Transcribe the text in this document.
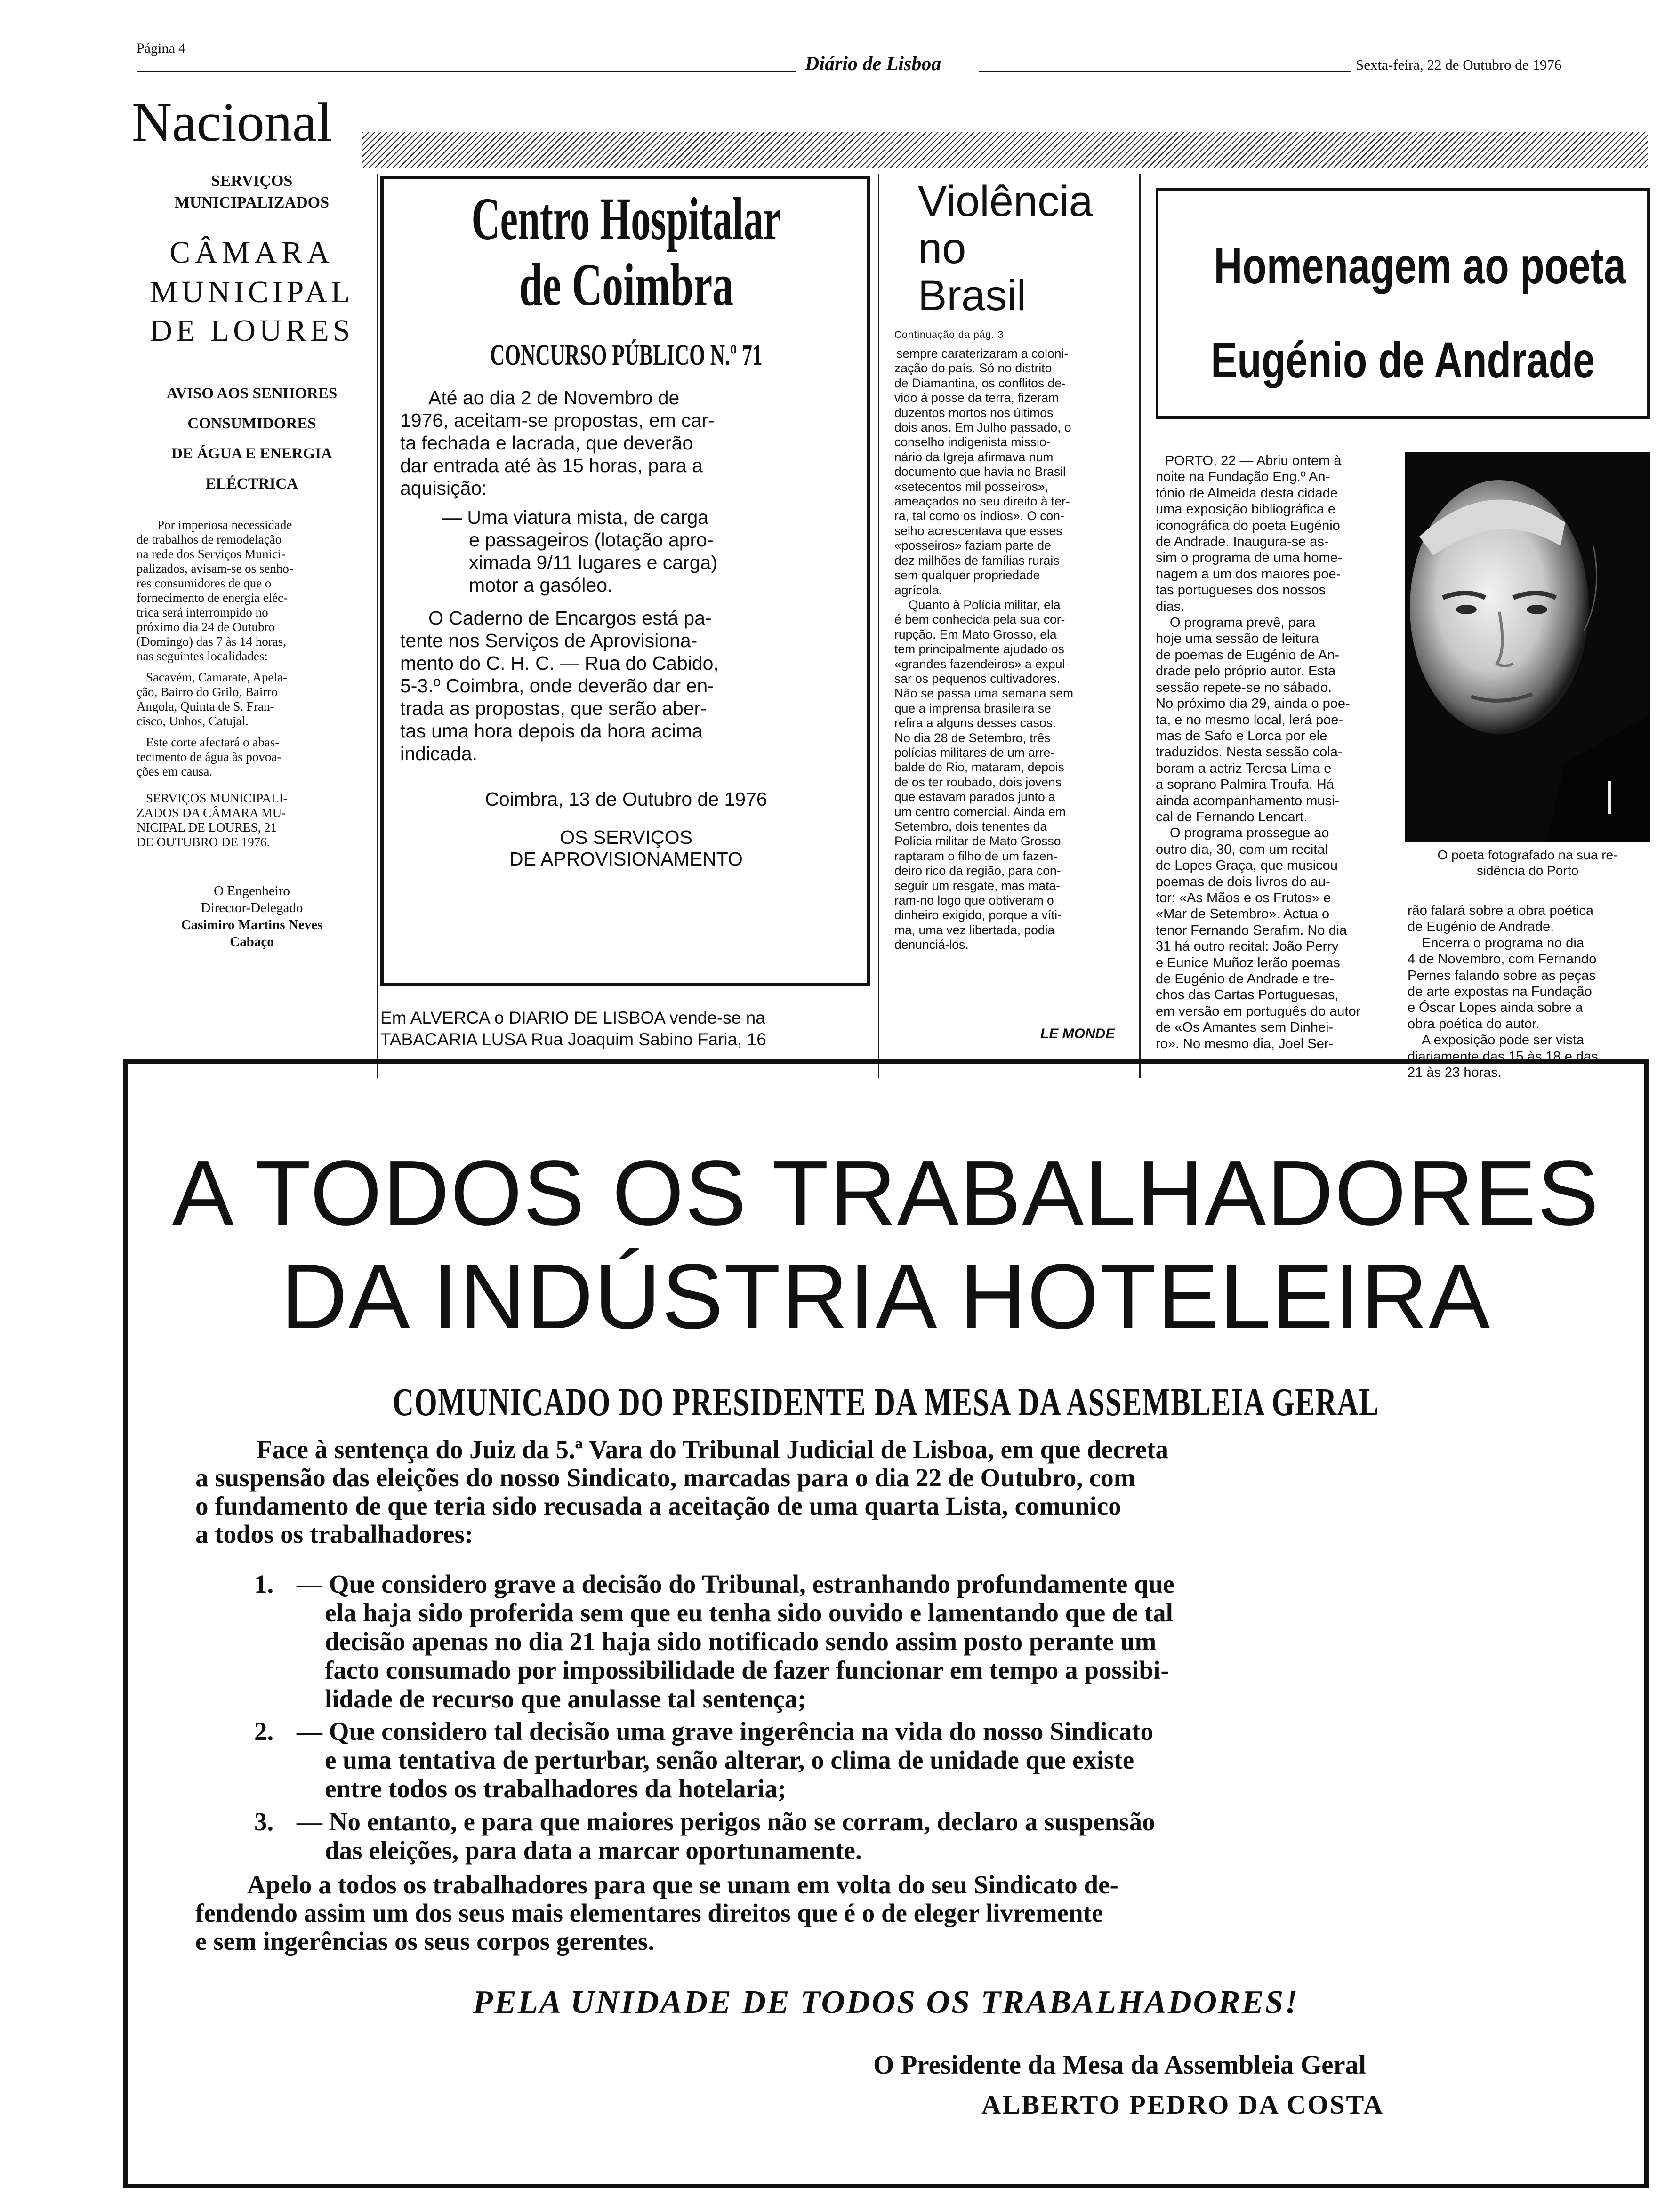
Página 4
Diário de Lisboa	Sexta-feira, 22 de Outubro de 1976
Nacional
SERVIÇOS
MUNICIPALIZADOS
CÂMARA
MUNICIPAL
DE LOURES
AVISO AOS SENHORES
CONSUMIDORES
DE ÁGUA E ENERGIA
ELÉCTRICA
Por imperiosa necessidade
de trabalhos de remodelação
na rede dos Serviços Munici-
palizados, avisam-se os senho-
res consumidores de que o
fornecimento de energia eléc-
trica será interrompido no
próximo dia 24 de Outubro
(Domingo) das 7 às 14 horas,
nas seguintes localidades:
Sacavém, Camarate, Apela-
ção, Bairro do Grilo, Bairro
Angola, Quinta de S. Fran-
cisco, Unhos, Catujal.
Este corte afectará o abas-
tecimento de água às povoa-
ções em causa.
SERVIÇOS MUNICIPALI-
ZADOS DA CÂMARA MU-
NICIPAL DE LOURES, 21
DE OUTUBRO DE 1976.
O Engenheiro
Director-Delegado
Casimiro Martins Neves
Cabaço
Centro Hospitalar
de Coimbra
CONCURSO PÚBLICO N.º 71
Até ao dia 2 de Novembro de
1976, aceitam-se propostas, em car-
ta fechada e lacrada, que deverão
dar entrada até às 15 horas, para a
aquisição:
— Uma viatura mista, de carga
e passageiros (lotação apro-
ximada 9/11 lugares e carga)
motor a gasóleo.
O Caderno de Encargos está pa-
tente nos Serviços de Aprovisiona-
mento do C. H. C. — Rua do Cabido,
5-3.º Coimbra, onde deverão dar en-
trada as propostas, que serão aber-
tas uma hora depois da hora acima
indicada.
Coimbra, 13 de Outubro de 1976
OS SERVIÇOS
DE APROVISIONAMENTO
Em ALVERCA o DIARIO DE LISBOA vende-se na
TABACARIA LUSA Rua Joaquim Sabino Faria, 16
Violência
no
Brasil
Continuação da pág. 3
sempre caraterizaram a coloni-
zação do país. Só no distrito
de Diamantina, os conflitos de-
vido à posse da terra, fizeram
duzentos mortos nos últimos
dois anos. Em Julho passado, o
conselho indigenista missio-
nário da Igreja afirmava num
documento que havia no Brasil
«setecentos mil posseiros»,
ameaçados no seu direito à ter-
ra, tal como os índios». O con-
selho acrescentava que esses
«posseiros» faziam parte de
dez milhões de famílias rurais
sem qualquer propriedade
agrícola.
Quanto à Polícia militar, ela
é bem conhecida pela sua cor-
rupção. Em Mato Grosso, ela
tem principalmente ajudado os
«grandes fazendeiros» a expul-
sar os pequenos cultivadores.
Não se passa uma semana sem
que a imprensa brasileira se
refira a alguns desses casos.
No dia 28 de Setembro, três
polícias militares de um arre-
balde do Rio, mataram, depois
de os ter roubado, dois jovens
que estavam parados junto a
um centro comercial. Ainda em
Setembro, dois tenentes da
Polícia militar de Mato Grosso
raptaram o filho de um fazen-
deiro rico da região, para con-
seguir um resgate, mas mata-
ram-no logo que obtiveram o
dinheiro exigido, porque a víti-
ma, uma vez libertada, podia
denunciá-los.
LE MONDE
Homenagem ao poeta
Eugénio de Andrade
PORTO, 22 — Abriu ontem à
noite na Fundação Eng.º An-
tónio de Almeida desta cidade
uma exposição bibliográfica e
iconográfica do poeta Eugénio
de Andrade. Inaugura-se as-
sim o programa de uma home-
nagem a um dos maiores poe-
tas portugueses dos nossos
dias.
O programa prevê, para
hoje uma sessão de leitura
de poemas de Eugénio de An-
drade pelo próprio autor. Esta
sessão repete-se no sábado.
No próximo dia 29, ainda o poe-
ta, e no mesmo local, lerá poe-
mas de Safo e Lorca por ele
traduzidos. Nesta sessão cola-
boram a actriz Teresa Lima e
a soprano Palmira Troufa. Há
ainda acompanhamento musi-
cal de Fernando Lencart.
O programa prossegue ao
outro dia, 30, com um recital
de Lopes Graça, que musicou
poemas de dois livros do au-
tor: «As Mãos e os Frutos» e
«Mar de Setembro». Actua o
tenor Fernando Serafim. No dia
31 há outro recital: João Perry
e Eunice Muñoz lerão poemas
de Eugénio de Andrade e tre-
chos das Cartas Portuguesas,
em versão em português do autor
de «Os Amantes sem Dinhei-
ro». No mesmo dia, Joel Ser-
O poeta fotografado na sua re-
sidência do Porto
rão falará sobre a obra poética
de Eugénio de Andrade.
Encerra o programa no dia
4 de Novembro, com Fernando
Pernes falando sobre as peças
de arte expostas na Fundação
e Óscar Lopes ainda sobre a
obra poética do autor.
A exposição pode ser vista
diariamente das 15 às 18 e das
21 às 23 horas.
A TODOS OS TRABALHADORES
DA INDÚSTRIA HOTELEIRA
COMUNICADO DO PRESIDENTE DA MESA DA ASSEMBLEIA GERAL
Face à sentença do Juiz da 5.ª Vara do Tribunal Judicial de Lisboa, em que decreta
a suspensão das eleições do nosso Sindicato, marcadas para o dia 22 de Outubro, com
o fundamento de que teria sido recusada a aceitação de uma quarta Lista, comunico
a todos os trabalhadores:
1. — Que considero grave a decisão do Tribunal, estranhando profundamente que
ela haja sido proferida sem que eu tenha sido ouvido e lamentando que de tal
decisão apenas no dia 21 haja sido notificado sendo assim posto perante um
facto consumado por impossibilidade de fazer funcionar em tempo a possibi-
lidade de recurso que anulasse tal sentença;
2. — Que considero tal decisão uma grave ingerência na vida do nosso Sindicato
e uma tentativa de perturbar, senão alterar, o clima de unidade que existe
entre todos os trabalhadores da hotelaria;
3. — No entanto, e para que maiores perigos não se corram, declaro a suspensão
das eleições, para data a marcar oportunamente.
Apelo a todos os trabalhadores para que se unam em volta do seu Sindicato de-
fendendo assim um dos seus mais elementares direitos que é o de eleger livremente
e sem ingerências os seus corpos gerentes.
PELA UNIDADE DE TODOS OS TRABALHADORES!
O Presidente da Mesa da Assembleia Geral
ALBERTO PEDRO DA COSTA
